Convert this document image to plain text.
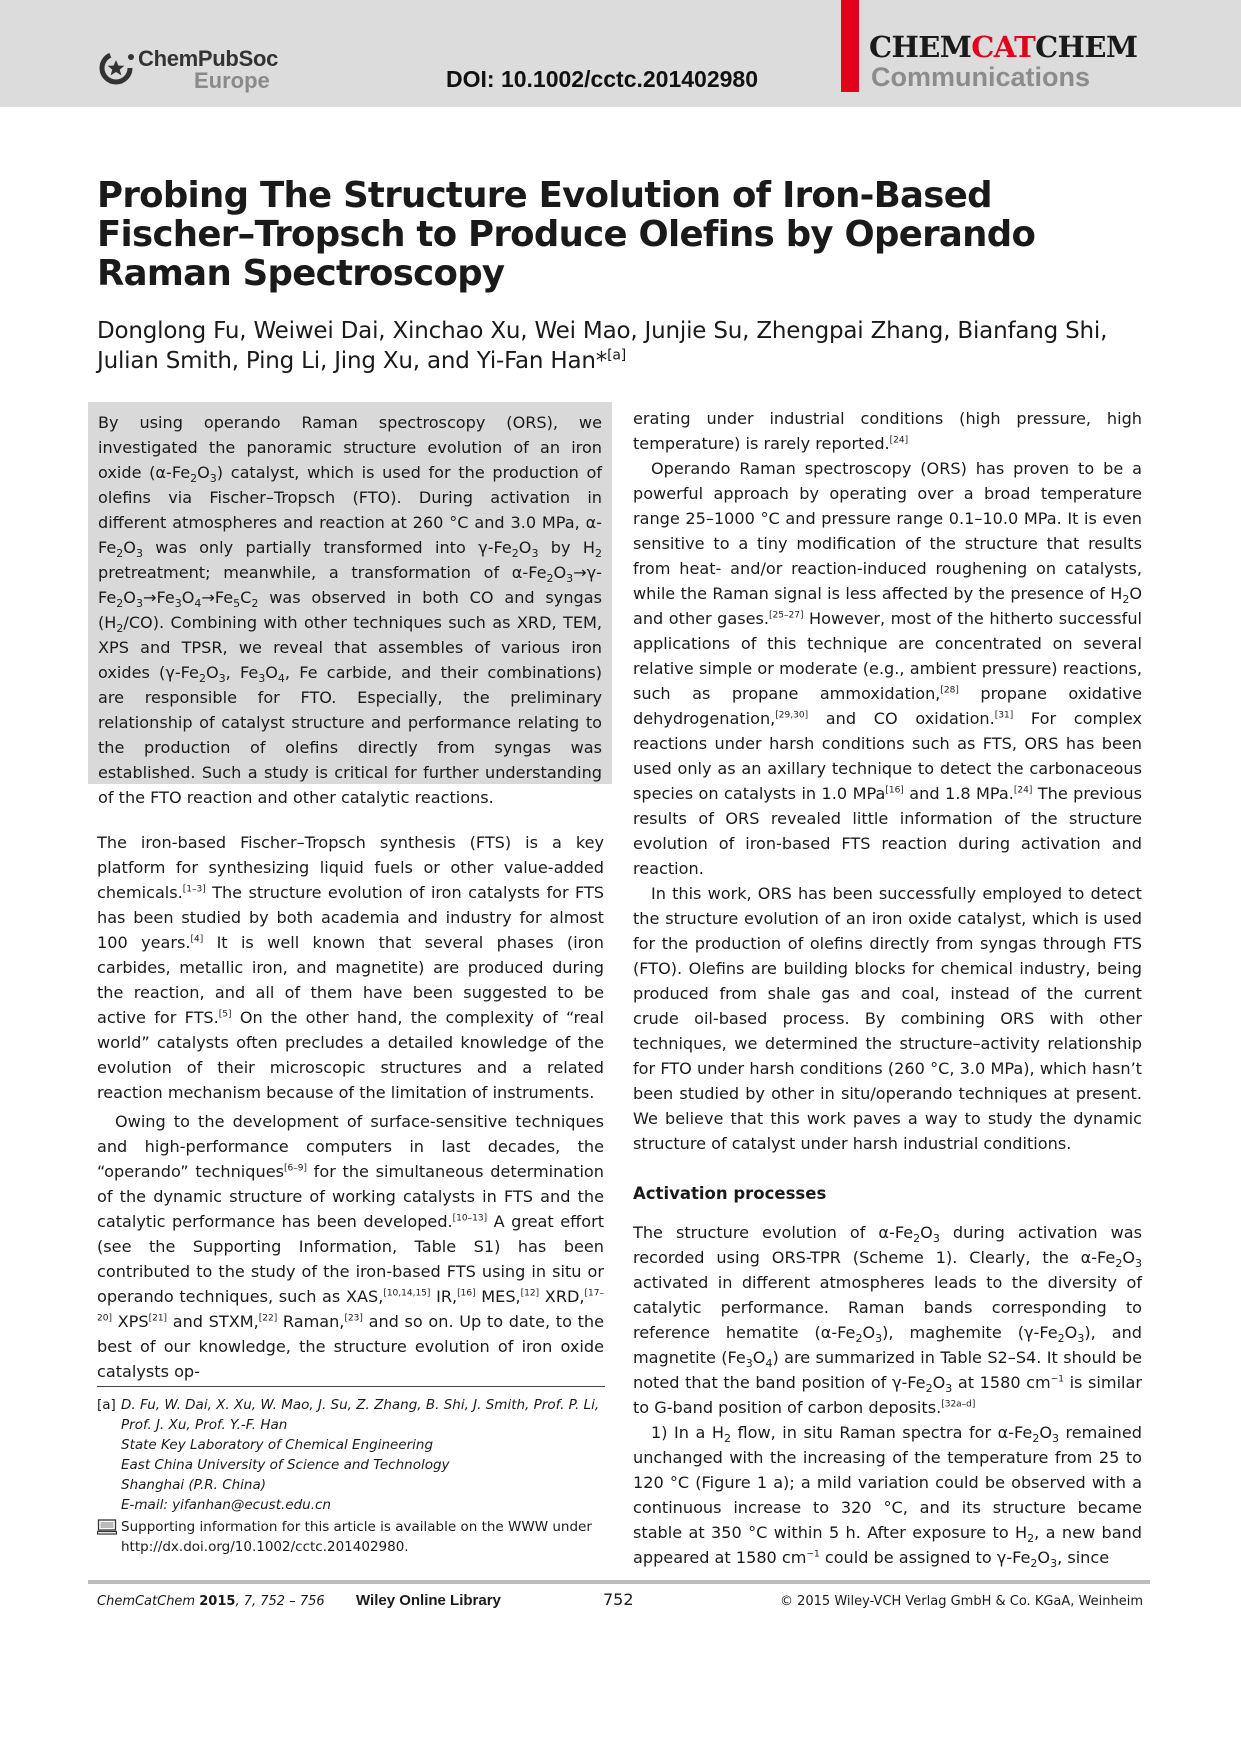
ChemPubSoc
Europe	DOI: 10.1002/cctc.201402980
CHEMCATCHEM
Communications
Probing The Structure Evolution of Iron-Based Fischer–Tropsch to Produce Olefins by Operando Raman Spectroscopy
Donglong Fu, Weiwei Dai, Xinchao Xu, Wei Mao, Junjie Su, Zhengpai Zhang, Bianfang Shi, Julian Smith, Ping Li, Jing Xu, and Yi-Fan Han*[a]
By using operando Raman spectroscopy (ORS), we investigated the panoramic structure evolution of an iron oxide $(\alpha-Fe_2O_3)$ catalyst, which is used for the production of olefins via Fischer–Tropsch (FTO). During activation in different atmospheres and reaction at 260 °C and 3.0 MPa, $\alpha-Fe_2O_3$ was only partially transformed into $\gamma-Fe_2O_3$ by $H_2$ pretreatment; meanwhile, a transformation of $\alpha-Fe_2O_3\to\gamma-Fe_2O_3\to Fe_3O_4\to Fe_5C_2$ was observed in both CO and syngas $(H_2/CO)$. Combining with other techniques such as XRD, TEM, XPS and TPSR, we reveal that assembles of various iron oxides ($\gamma-Fe_2O_3$, $Fe_3O_4$, Fe carbide, and their combinations) are responsible for FTO. Especially, the preliminary relationship of catalyst structure and performance relating to the production of olefins directly from syngas was established. Such a study is critical for further understanding of the FTO reaction and other catalytic reactions.

The iron-based Fischer–Tropsch synthesis (FTS) is a key platform for synthesizing liquid fuels or other value-added chemicals.[1–3] The structure evolution of iron catalysts for FTS has been studied by both academia and industry for almost 100 years.[4] It is well known that several phases (iron carbides, metallic iron, and magnetite) are produced during the reaction, and all of them have been suggested to be active for FTS.[5] On the other hand, the complexity of “real world” catalysts often precludes a detailed knowledge of the evolution of their microscopic structures and a related reaction mechanism because of the limitation of instruments.

Owing to the development of surface-sensitive techniques and high-performance computers in last decades, the “operando” techniques[6–9] for the simultaneous determination of the dynamic structure of working catalysts in FTS and the catalytic performance has been developed.[10–13] A great effort (see the Supporting Information, Table S1) has been contributed to the study of the iron-based FTS using in situ or operando techniques, such as XAS,[10,14,15] IR,[16] MES,[12] XRD,[17–20] XPS[21] and STXM,[22] Raman,[23] and so on. Up to date, to the best of our knowledge, the structure evolution of iron oxide catalysts op-

[a] D. Fu, W. Dai, X. Xu, W. Mao, J. Su, Z. Zhang, B. Shi, J. Smith, Prof. P. Li, Prof. J. Xu, Prof. Y.-F. Han
State Key Laboratory of Chemical Engineering
East China University of Science and Technology
Shanghai (P.R. China)
E-mail: yifanhan@ecust.edu.cn
Supporting information for this article is available on the WWW under http://dx.doi.org/10.1002/cctc.201402980.

erating under industrial conditions (high pressure, high temperature) is rarely reported.[24]

Operando Raman spectroscopy (ORS) has proven to be a powerful approach by operating over a broad temperature range 25–1000 °C and pressure range 0.1–10.0 MPa. It is even sensitive to a tiny modification of the structure that results from heat- and/or reaction-induced roughening on catalysts, while the Raman signal is less affected by the presence of $H_2O$ and other gases.[25–27] However, most of the hitherto successful applications of this technique are concentrated on several relative simple or moderate (e.g., ambient pressure) reactions, such as propane ammoxidation,[28] propane oxidative dehydrogenation,[29,30] and CO oxidation.[31] For complex reactions under harsh conditions such as FTS, ORS has been used only as an axillary technique to detect the carbonaceous species on catalysts in 1.0 MPa[16] and 1.8 MPa.[24] The previous results of ORS revealed little information of the structure evolution of iron-based FTS reaction during activation and reaction.

In this work, ORS has been successfully employed to detect the structure evolution of an iron oxide catalyst, which is used for the production of olefins directly from syngas through FTS (FTO). Olefins are building blocks for chemical industry, being produced from shale gas and coal, instead of the current crude oil-based process. By combining ORS with other techniques, we determined the structure–activity relationship for FTO under harsh conditions (260 °C, 3.0 MPa), which hasn’t been studied by other in situ/operando techniques at present. We believe that this work paves a way to study the dynamic structure of catalyst under harsh industrial conditions.

Activation processes

The structure evolution of $\alpha-Fe_2O_3$ during activation was recorded using ORS-TPR (Scheme 1). Clearly, the $\alpha-Fe_2O_3$ activated in different atmospheres leads to the diversity of catalytic performance. Raman bands corresponding to reference hematite $(\alpha-Fe_2O_3)$, maghemite $(\gamma-Fe_2O_3)$, and magnetite $(Fe_3O_4)$ are summarized in Table S2–S4. It should be noted that the band position of $\gamma-Fe_2O_3$ at 1580 $cm^{-1}$ is similar to G-band position of carbon deposits.[32a–d]

1) In a $H_2$ flow, in situ Raman spectra for $\alpha-Fe_2O_3$ remained unchanged with the increasing of the temperature from 25 to 120 °C (Figure 1 a); a mild variation could be observed with a continuous increase to 320 °C, and its structure became stable at 350 °C within 5 h. After exposure to $H_2$, a new band appeared at 1580 $cm^{-1}$ could be assigned to $\gamma-Fe_2O_3$, since

ChemCatChem 2015, 7, 752 – 756 Wiley Online Library	752	© 2015 Wiley-VCH Verlag GmbH & Co. KGaA, Weinheim
